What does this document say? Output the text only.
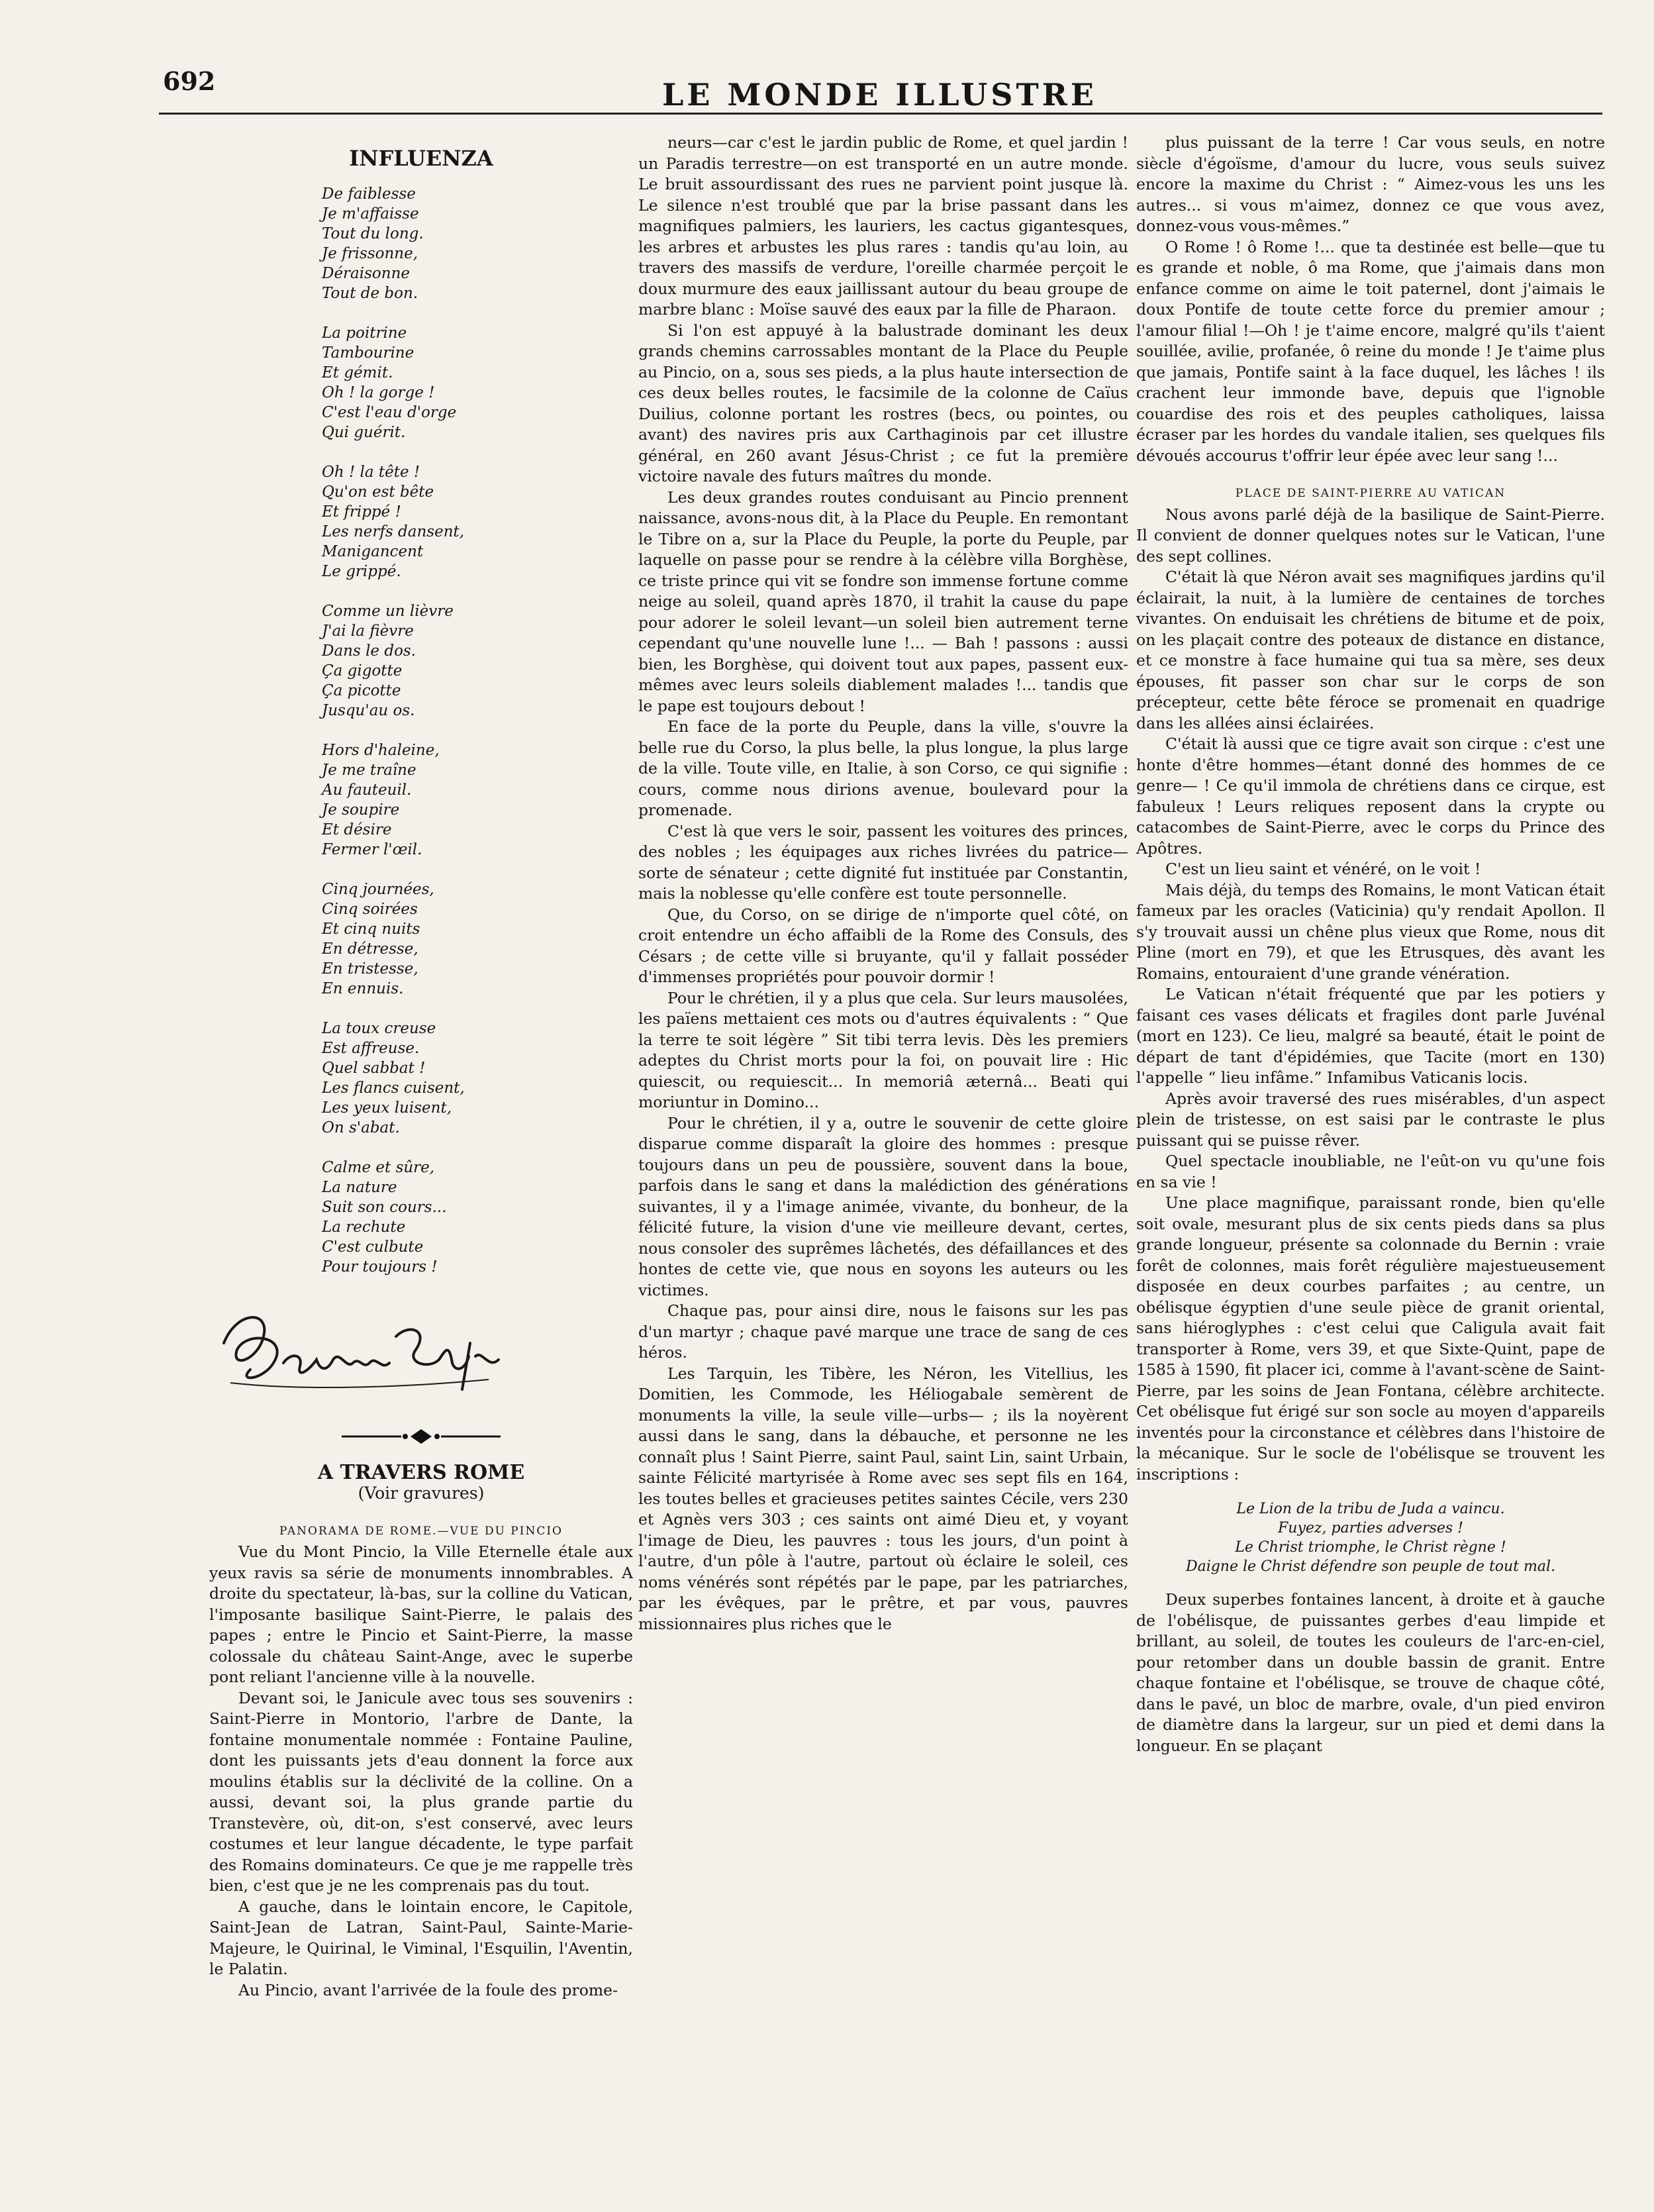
692	LE MONDE ILLUSTRE
INFLUENZA
De faiblesse
Je m'affaisse
Tout du long.
Je frissonne,
Déraisonne
Tout de bon.
La poitrine
Tambourine
Et gémit.
Oh ! la gorge !
C'est l'eau d'orge
Qui guérit.
Oh ! la tête !
Qu'on est bête
Et frippé !
Les nerfs dansent,
Manigancent
Le grippé.
Comme un lièvre
J'ai la fièvre
Dans le dos.
Ça gigotte
Ça picotte
Jusqu'au os.
Hors d'haleine,
Je me traîne
Au fauteuil.
Je soupire
Et désire
Fermer l'œil.
Cinq journées,
Cinq soirées
Et cinq nuits
En détresse,
En tristesse,
En ennuis.
La toux creuse
Est affreuse.
Quel sabbat !
Les flancs cuisent,
Les yeux luisent,
On s'abat.
Calme et sûre,
La nature
Suit son cours...
La rechute
C'est culbute
Pour toujours !
A TRAVERS ROME
(Voir gravures)

PANORAMA DE ROME.—VUE DU PINCIO

Vue du Mont Pincio, la Ville Eternelle étale aux yeux ravis sa série de monuments innombrables. A droite du spectateur, là-bas, sur la colline du Vatican, l'imposante basilique Saint-Pierre, le palais des papes ; entre le Pincio et Saint-Pierre, la masse colossale du château Saint-Ange, avec le superbe pont reliant l'ancienne ville à la nouvelle.

Devant soi, le Janicule avec tous ses souvenirs : Saint-Pierre in Montorio, l'arbre de Dante, la fontaine monumentale nommée : Fontaine Pauline, dont les puissants jets d'eau donnent la force aux moulins établis sur la déclivité de la colline. On a aussi, devant soi, la plus grande partie du Transtevère, où, dit-on, s'est conservé, avec leurs costumes et leur langue décadente, le type parfait des Romains dominateurs. Ce que je me rappelle très bien, c'est que je ne les comprenais pas du tout.

A gauche, dans le lointain encore, le Capitole, Saint-Jean de Latran, Saint-Paul, Sainte-Marie-Majeure, le Quirinal, le Viminal, l'Esquilin, l'Aventin, le Palatin.

Au Pincio, avant l'arrivée de la foule des prome-

neurs—car c'est le jardin public de Rome, et quel jardin ! un Paradis terrestre—on est transporté en un autre monde. Le bruit assourdissant des rues ne parvient point jusque là. Le silence n'est troublé que par la brise passant dans les magnifiques palmiers, les lauriers, les cactus gigantesques, les arbres et arbustes les plus rares : tandis qu'au loin, au travers des massifs de verdure, l'oreille charmée perçoit le doux murmure des eaux jaillissant autour du beau groupe de marbre blanc : Moïse sauvé des eaux par la fille de Pharaon.

Si l'on est appuyé à la balustrade dominant les deux grands chemins carrossables montant de la Place du Peuple au Pincio, on a, sous ses pieds, a la plus haute intersection de ces deux belles routes, le facsimile de la colonne de Caïus Duilius, colonne portant les rostres (becs, ou pointes, ou avant) des navires pris aux Carthaginois par cet illustre général, en 260 avant Jésus-Christ ; ce fut la première victoire navale des futurs maîtres du monde.

Les deux grandes routes conduisant au Pincio prennent naissance, avons-nous dit, à la Place du Peuple. En remontant le Tibre on a, sur la Place du Peuple, la porte du Peuple, par laquelle on passe pour se rendre à la célèbre villa Borghèse, ce triste prince qui vit se fondre son immense fortune comme neige au soleil, quand après 1870, il trahit la cause du pape pour adorer le soleil levant—un soleil bien autrement terne cependant qu'une nouvelle lune !... — Bah ! passons : aussi bien, les Borghèse, qui doivent tout aux papes, passent eux-mêmes avec leurs soleils diablement malades !... tandis que le pape est toujours debout !

En face de la porte du Peuple, dans la ville, s'ouvre la belle rue du Corso, la plus belle, la plus longue, la plus large de la ville. Toute ville, en Italie, à son Corso, ce qui signifie : cours, comme nous dirions avenue, boulevard pour la promenade.

C'est là que vers le soir, passent les voitures des princes, des nobles ; les équipages aux riches livrées du patrice—sorte de sénateur ; cette dignité fut instituée par Constantin, mais la noblesse qu'elle confère est toute personnelle.

Que, du Corso, on se dirige de n'importe quel côté, on croit entendre un écho affaibli de la Rome des Consuls, des Césars ; de cette ville si bruyante, qu'il y fallait posséder d'immenses propriétés pour pouvoir dormir !

Pour le chrétien, il y a plus que cela. Sur leurs mausolées, les païens mettaient ces mots ou d'autres équivalents : “ Que la terre te soit légère ” Sit tibi terra levis. Dès les premiers adeptes du Christ morts pour la foi, on pouvait lire : Hic quiescit, ou requiescit... In memoriâ æternâ... Beati qui moriuntur in Domino...

Pour le chrétien, il y a, outre le souvenir de cette gloire disparue comme disparaît la gloire des hommes : presque toujours dans un peu de poussière, souvent dans la boue, parfois dans le sang et dans la malédiction des générations suivantes, il y a l'image animée, vivante, du bonheur, de la félicité future, la vision d'une vie meilleure devant, certes, nous consoler des suprêmes lâchetés, des défaillances et des hontes de cette vie, que nous en soyons les auteurs ou les victimes.

Chaque pas, pour ainsi dire, nous le faisons sur les pas d'un martyr ; chaque pavé marque une trace de sang de ces héros.

Les Tarquin, les Tibère, les Néron, les Vitellius, les Domitien, les Commode, les Héliogabale semèrent de monuments la ville, la seule ville—urbs— ; ils la noyèrent aussi dans le sang, dans la débauche, et personne ne les connaît plus ! Saint Pierre, saint Paul, saint Lin, saint Urbain, sainte Félicité martyrisée à Rome avec ses sept fils en 164, les toutes belles et gracieuses petites saintes Cécile, vers 230 et Agnès vers 303 ; ces saints ont aimé Dieu et, y voyant l'image de Dieu, les pauvres : tous les jours, d'un point à l'autre, d'un pôle à l'autre, partout où éclaire le soleil, ces noms vénérés sont répétés par le pape, par les patriarches, par les évêques, par le prêtre, et par vous, pauvres missionnaires plus riches que le

plus puissant de la terre ! Car vous seuls, en notre siècle d'égoïsme, d'amour du lucre, vous seuls suivez encore la maxime du Christ : “ Aimez-vous les uns les autres... si vous m'aimez, donnez ce que vous avez, donnez-vous vous-mêmes.”

O Rome ! ô Rome !... que ta destinée est belle—que tu es grande et noble, ô ma Rome, que j'aimais dans mon enfance comme on aime le toit paternel, dont j'aimais le doux Pontife de toute cette force du premier amour ; l'amour filial !—Oh ! je t'aime encore, malgré qu'ils t'aient souillée, avilie, profanée, ô reine du monde ! Je t'aime plus que jamais, Pontife saint à la face duquel, les lâches ! ils crachent leur immonde bave, depuis que l'ignoble couardise des rois et des peuples catholiques, laissa écraser par les hordes du vandale italien, ses quelques fils dévoués accourus t'offrir leur épée avec leur sang !...

PLACE DE SAINT-PIERRE AU VATICAN

Nous avons parlé déjà de la basilique de Saint-Pierre. Il convient de donner quelques notes sur le Vatican, l'une des sept collines.

C'était là que Néron avait ses magnifiques jardins qu'il éclairait, la nuit, à la lumière de centaines de torches vivantes. On enduisait les chrétiens de bitume et de poix, on les plaçait contre des poteaux de distance en distance, et ce monstre à face humaine qui tua sa mère, ses deux épouses, fit passer son char sur le corps de son précepteur, cette bête féroce se promenait en quadrige dans les allées ainsi éclairées.

C'était là aussi que ce tigre avait son cirque : c'est une honte d'être hommes—étant donné des hommes de ce genre— ! Ce qu'il immola de chrétiens dans ce cirque, est fabuleux ! Leurs reliques reposent dans la crypte ou catacombes de Saint-Pierre, avec le corps du Prince des Apôtres.

C'est un lieu saint et vénéré, on le voit !

Mais déjà, du temps des Romains, le mont Vatican était fameux par les oracles (Vaticinia) qu'y rendait Apollon. Il s'y trouvait aussi un chêne plus vieux que Rome, nous dit Pline (mort en 79), et que les Etrusques, dès avant les Romains, entouraient d'une grande vénération.

Le Vatican n'était fréquenté que par les potiers y faisant ces vases délicats et fragiles dont parle Juvénal (mort en 123). Ce lieu, malgré sa beauté, était le point de départ de tant d'épidémies, que Tacite (mort en 130) l'appelle “ lieu infâme.” Infamibus Vaticanis locis.

Après avoir traversé des rues misérables, d'un aspect plein de tristesse, on est saisi par le contraste le plus puissant qui se puisse rêver.

Quel spectacle inoubliable, ne l'eût-on vu qu'une fois en sa vie !

Une place magnifique, paraissant ronde, bien qu'elle soit ovale, mesurant plus de six cents pieds dans sa plus grande longueur, présente sa colonnade du Bernin : vraie forêt de colonnes, mais forêt régulière majestueusement disposée en deux courbes parfaites ; au centre, un obélisque égyptien d'une seule pièce de granit oriental, sans hiéroglyphes : c'est celui que Caligula avait fait transporter à Rome, vers 39, et que Sixte-Quint, pape de 1585 à 1590, fit placer ici, comme à l'avant-scène de Saint-Pierre, par les soins de Jean Fontana, célèbre architecte. Cet obélisque fut érigé sur son socle au moyen d'appareils inventés pour la circonstance et célèbres dans l'histoire de la mécanique. Sur le socle de l'obélisque se trouvent les inscriptions :

Le Lion de la tribu de Juda a vaincu.
Fuyez, parties adverses !
Le Christ triomphe, le Christ règne !
Daigne le Christ défendre son peuple de tout mal.

Deux superbes fontaines lancent, à droite et à gauche de l'obélisque, de puissantes gerbes d'eau limpide et brillant, au soleil, de toutes les couleurs de l'arc-en-ciel, pour retomber dans un double bassin de granit. Entre chaque fontaine et l'obélisque, se trouve de chaque côté, dans le pavé, un bloc de marbre, ovale, d'un pied environ de diamètre dans la largeur, sur un pied et demi dans la longueur. En se plaçant
